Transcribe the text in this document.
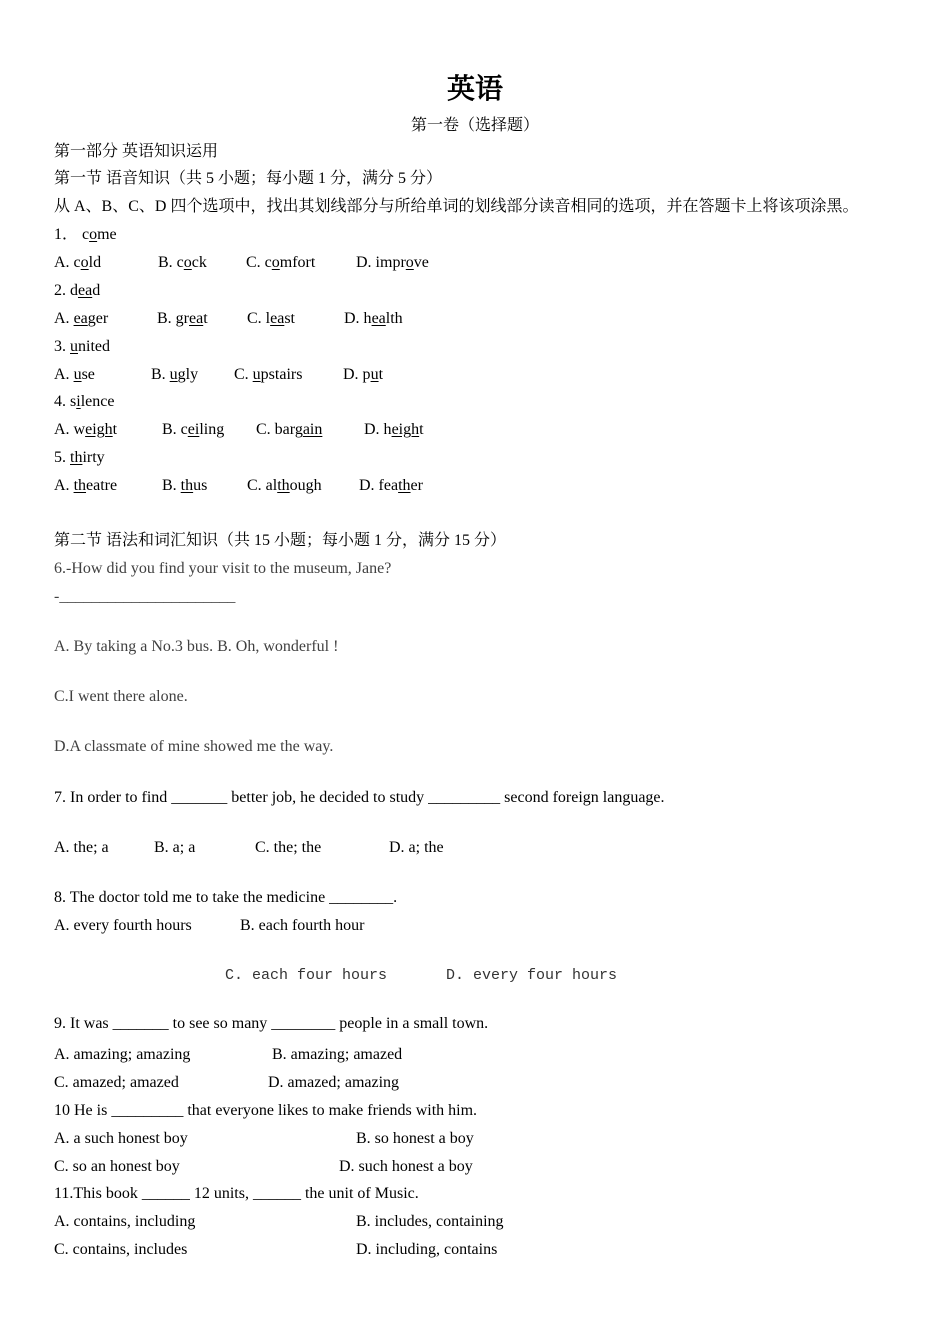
英语
第一卷（选择题）
第一部分 英语知识运用
第一节 语音知识（共 5 小题；每小题 1 分，满分 5 分）
从 A、B、C、D 四个选项中，找出其划线部分与所给单词的划线部分读音相同的选项，并在答题卡上将该项涂黑。
1． come
A. cold	B. cock C. comfort	D. improve
2. dead
A. eager	B. great C. least	D. health
3. united
A. use	B. ugly C. upstairs	D. put
4. silence
A. weight	B. ceiling C. bargain	D. height
5. thirty
A. theatre	B. thus C. although D. feather
第二节 语法和词汇知识（共 15 小题；每小题 1 分，满分 15 分）
6.-How did you find your visit to the museum, Jane?
-______________________
A. By taking a No.3 bus. B. Oh, wonderful !
C.I went there alone.
D.A classmate of mine showed me the way.
7. In order to find _______ better job, he decided to study _________ second foreign language.
A. the; a	B. a; a	C. the; the	D. a; the
8. The doctor told me to take the medicine ________.
A. every fourth hours	B. each fourth hour
C. each four hours	D. every four hours
9. It was _______ to see so many ________ people in a small town.
A. amazing; amazing	B. amazing; amazed
C. amazed; amazed	D. amazed; amazing
10 He is _________ that everyone likes to make friends with him.
A. a such honest boy	B. so honest a boy
C. so an honest boy	D. such honest a boy
11.This book ______ 12 units, ______ the unit of Music.
A. contains, including	B. includes, containing
C. contains, includes	D. including, contains
